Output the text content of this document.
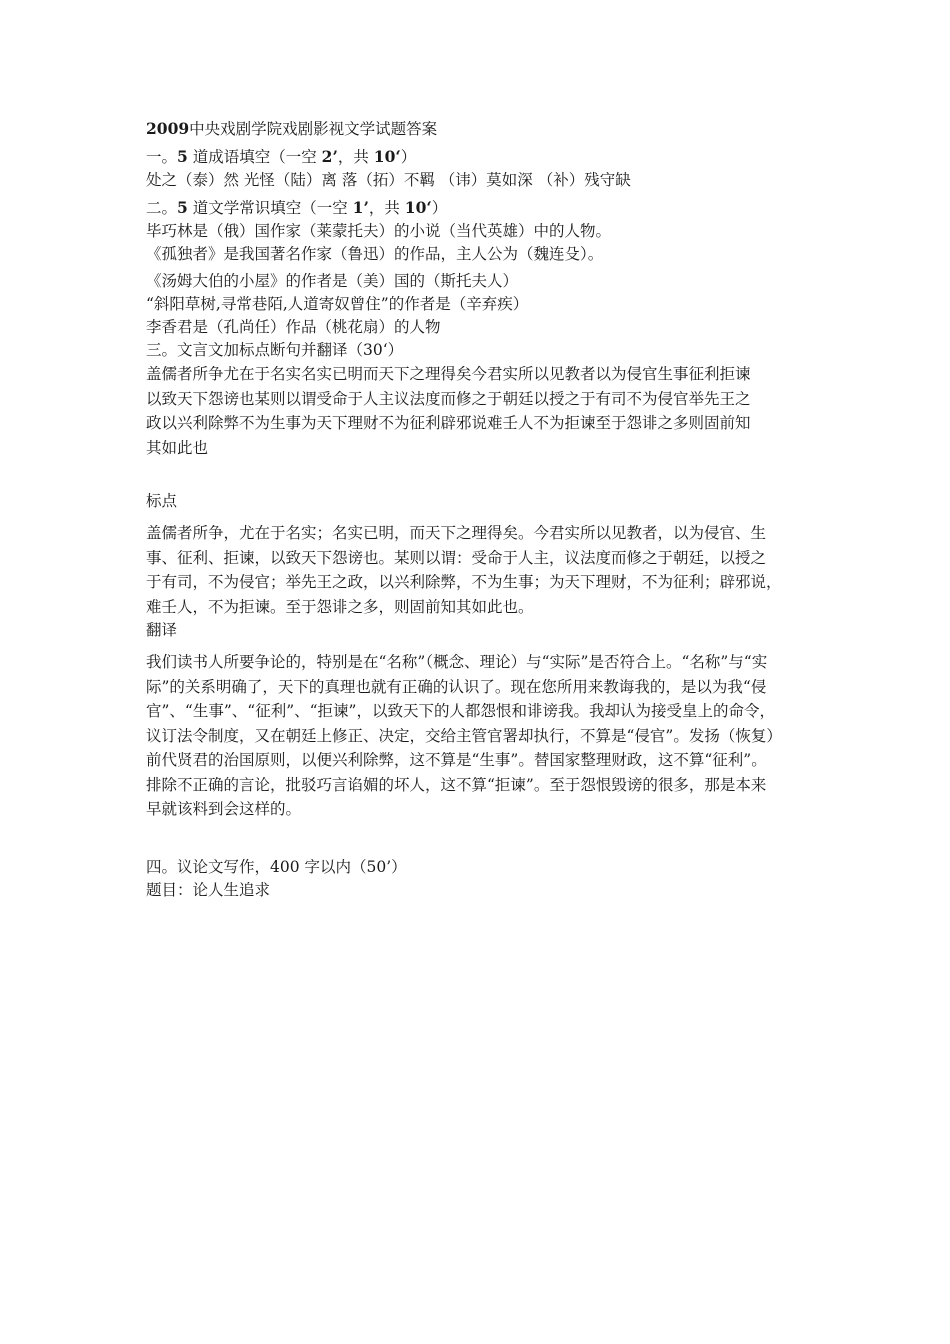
2009中央戏剧学院戏剧影视文学试题答案

一。5 道成语填空（一空 2’，共 10‘）

处之（泰）然 光怪（陆）离 落（拓）不羁 （讳）莫如深 （补）残守缺

二。5 道文学常识填空（一空 1’，共 10‘）

毕巧林是（俄）国作家（莱蒙托夫）的小说（当代英雄）中的人物。

《孤独者》是我国著名作家（鲁迅）的作品，主人公为（魏连殳）。

《汤姆大伯的小屋》的作者是（美）国的（斯托夫人）

“斜阳草树,寻常巷陌,人道寄奴曾住”的作者是（辛弃疾）

李香君是（孔尚任）作品（桃花扇）的人物

三。文言文加标点断句并翻译（30‘）

盖儒者所争尤在于名实名实已明而天下之理得矣今君实所以见教者以为侵官生事征利拒谏

以致天下怨谤也某则以谓受命于人主议法度而修之于朝廷以授之于有司不为侵官举先王之

政以兴利除弊不为生事为天下理财不为征利辟邪说难壬人不为拒谏至于怨诽之多则固前知

其如此也

标点

盖儒者所争，尤在于名实；名实已明，而天下之理得矣。今君实所以见教者，以为侵官、生

事、征利、拒谏，以致天下怨谤也。某则以谓：受命于人主，议法度而修之于朝廷，以授之

于有司，不为侵官；举先王之政，以兴利除弊，不为生事；为天下理财，不为征利；辟邪说，

难壬人，不为拒谏。至于怨诽之多，则固前知其如此也。

翻译

我们读书人所要争论的，特别是在“名称”（概念、理论）与“实际”是否符合上。“名称”与“实

际”的关系明确了，天下的真理也就有正确的认识了。现在您所用来教诲我的，是以为我“侵

官”、“生事”、“征利”、“拒谏”，以致天下的人都怨恨和诽谤我。我却认为接受皇上的命令，

议订法令制度，又在朝廷上修正、决定，交给主管官署却执行，不算是“侵官”。发扬（恢复）

前代贤君的治国原则，以便兴利除弊，这不算是“生事”。替国家整理财政，这不算“征利”。

排除不正确的言论，批驳巧言谄媚的坏人，这不算“拒谏”。至于怨恨毁谤的很多，那是本来

早就该料到会这样的。

四。议论文写作，400 字以内（50’）

题目：论人生追求
